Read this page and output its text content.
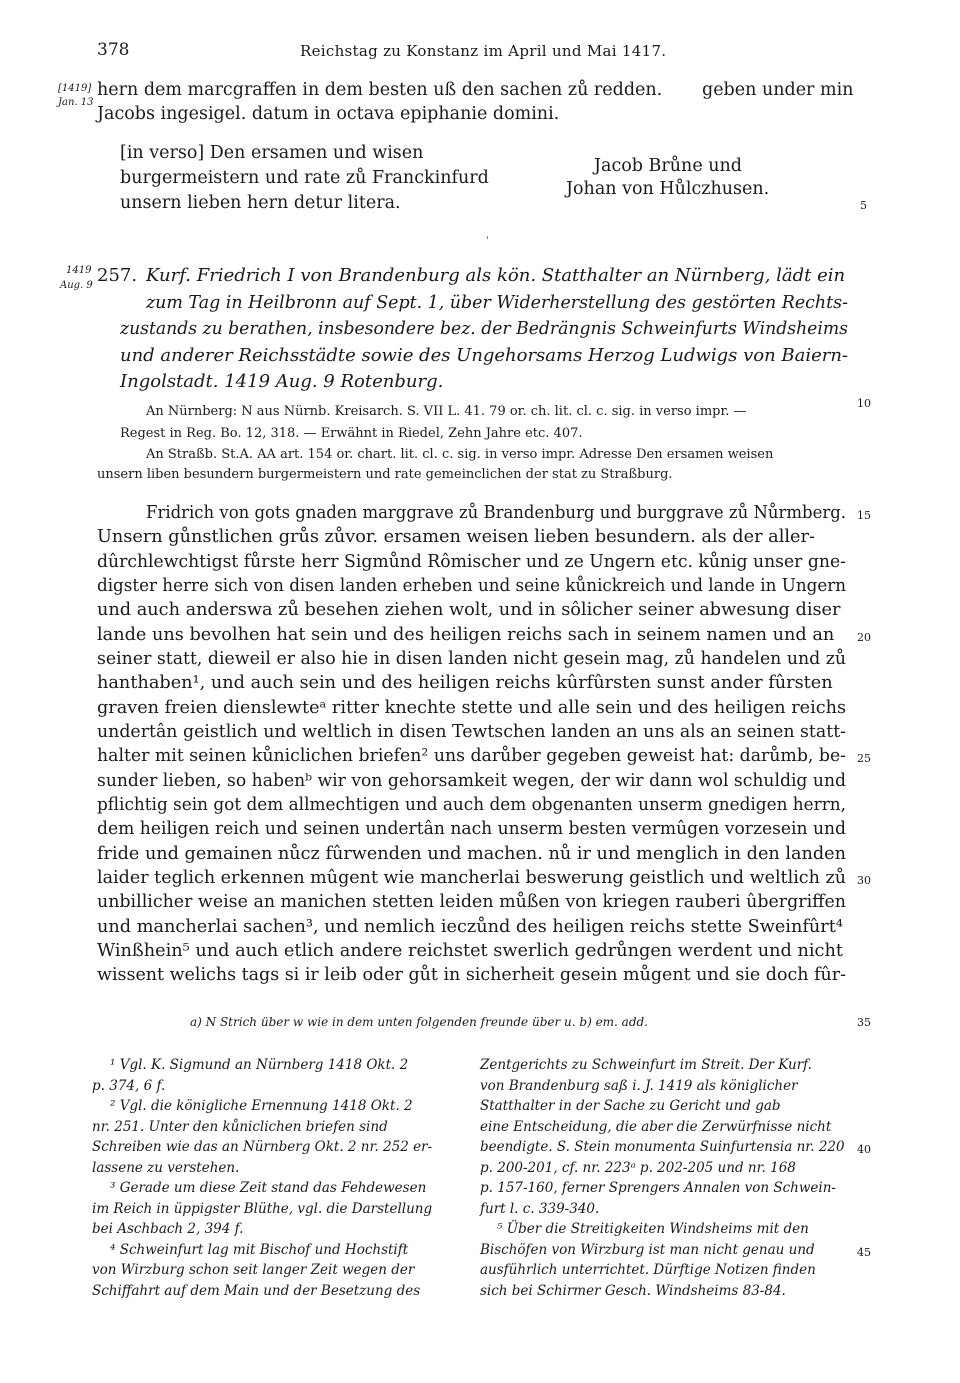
378	Reichstag zu Konstanz im April und Mai 1417.
[1419]
Jan. 13
hern dem marcgraffen in dem besten uß den sachen zů redden. geben under min
Jacobs ingesigel. datum in octava epiphanie domini.
[in verso] Den ersamen und wisen
burgermeistern und rate zů Franckinfurd
unsern lieben hern detur litera.
Jacob Brůne und
Johan von Hůlczhusen.
5
1419
Aug. 9 257. Kurf. Friedrich I von Brandenburg als kön. Statthalter an Nürnberg, lädt ein
zum Tag in Heilbronn auf Sept. 1, über Widerherstellung des gestörten Rechts-
zustands zu berathen, insbesondere bez. der Bedrängnis Schweinfurts Windsheims
und anderer Reichsstädte sowie des Ungehorsams Herzog Ludwigs von Baiern-
Ingolstadt. 1419 Aug. 9 Rotenburg.
10
An Nürnberg: N aus Nürnb. Kreisarch. S. VII L. 41. 79 or. ch. lit. cl. c. sig. in verso impr. —
Regest in Reg. Bo. 12, 318. — Erwähnt in Riedel, Zehn Jahre etc. 407.
An Straßb. St.A. AA art. 154 or. chart. lit. cl. c. sig. in verso impr. Adresse Den ersamen weisen
unsern liben besundern burgermeistern und rate gemeinclichen der stat zu Straßburg.
Fridrich von gots gnaden marggrave zů Brandenburg und burggrave zů Nůrmberg.
Unsern gůnstlichen grůs zůvor. ersamen weisen lieben besundern. als der aller-
dûrchlewchtigst fůrste herr Sigmůnd Rômischer und ze Ungern etc. kůnig unser gne-
digster herre sich von disen landen erheben und seine kůnickreich und lande in Ungern
und auch anderswa zů besehen ziehen wolt, und in sôlicher seiner abwesung diser
lande uns bevolhen hat sein und des heiligen reichs sach in seinem namen und an
seiner statt, dieweil er also hie in disen landen nicht gesein mag, zů handelen und zů
hanthaben¹, und auch sein und des heiligen reichs kûrfûrsten sunst ander fûrsten
graven freien dienslewteᵃ ritter knechte stette und alle sein und des heiligen reichs
undertân geistlich und weltlich in disen Tewtschen landen an uns als an seinen statt-
halter mit seinen kůniclichen briefen² uns darůber gegeben geweist hat: darůmb, be-
sunder lieben, so habenᵇ wir von gehorsamkeit wegen, der wir dann wol schuldig und
pflichtig sein got dem allmechtigen und auch dem obgenanten unserm gnedigen herrn,
dem heiligen reich und seinen undertân nach unserm besten vermûgen vorzesein und
fride und gemainen nůcz fûrwenden und machen. nů ir und menglich in den landen
laider teglich erkennen mûgent wie mancherlai beswerung geistlich und weltlich zů
unbillicher weise an manichen stetten leiden můßen von kriegen rauberi ûbergriffen
und mancherlai sachen³, und nemlich ieczůnd des heiligen reichs stette Sweinfûrt⁴
Winßhein⁵ und auch etlich andere reichstet swerlich gedrůngen werdent und nicht
wissent welichs tags si ir leib oder gůt in sicherheit gesein můgent und sie doch fûr-
15
20
25
30
a) N Strich über w wie in dem unten folgenden freunde über u. b) em. add.	35
¹ Vgl. K. Sigmund an Nürnberg 1418 Okt. 2
p. 374, 6 f.
² Vgl. die königliche Ernennung 1418 Okt. 2
nr. 251. Unter den kůniclichen briefen sind
Schreiben wie das an Nürnberg Okt. 2 nr. 252 er-
lassene zu verstehen.
³ Gerade um diese Zeit stand das Fehdewesen
im Reich in üppigster Blüthe, vgl. die Darstellung
bei Aschbach 2, 394 f.
⁴ Schweinfurt lag mit Bischof und Hochstift
von Wirzburg schon seit langer Zeit wegen der
Schiffahrt auf dem Main und der Besetzung des
Zentgerichts zu Schweinfurt im Streit. Der Kurf.
von Brandenburg saß i. J. 1419 als königlicher
Statthalter in der Sache zu Gericht und gab
eine Entscheidung, die aber die Zerwürfnisse nicht
beendigte. S. Stein monumenta Suinfurtensia nr. 220
p. 200-201, cf. nr. 223ᵃ p. 202-205 und nr. 168
p. 157-160, ferner Sprengers Annalen von Schwein-
furt l. c. 339-340.
⁵ Über die Streitigkeiten Windsheims mit den
Bischöfen von Wirzburg ist man nicht genau und
ausführlich unterrichtet. Dürftige Notizen finden
sich bei Schirmer Gesch. Windsheims 83-84.
40
45
